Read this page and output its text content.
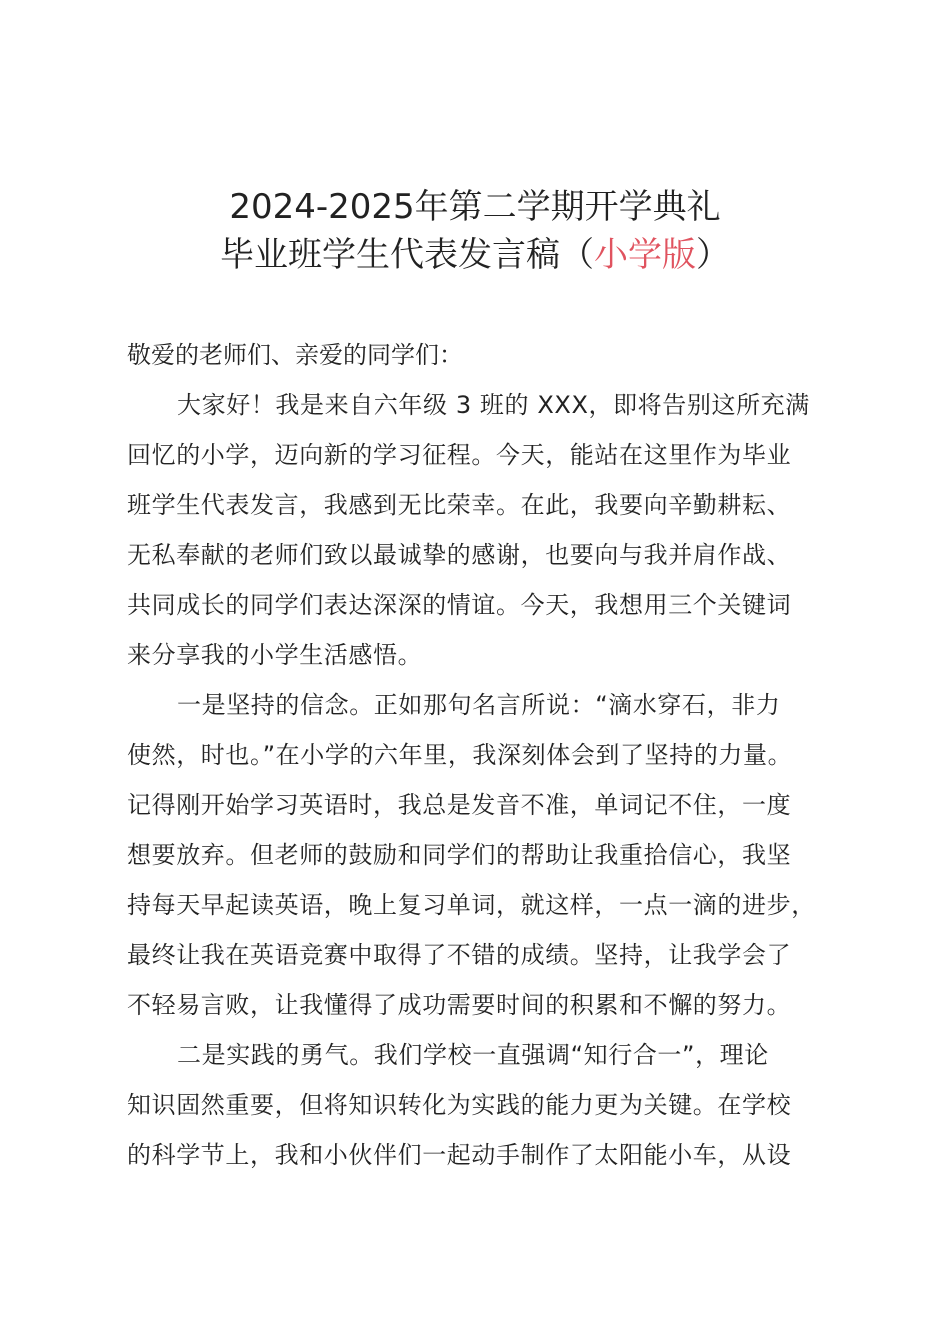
2024-2025年第二学期开学典礼
毕业班学生代表发言稿（小学版）
敬爱的老师们、亲爱的同学们：
大家好！我是来自六年级 3 班的 XXX，即将告别这所充满
回忆的小学，迈向新的学习征程。今天，能站在这里作为毕业
班学生代表发言，我感到无比荣幸。在此，我要向辛勤耕耘、
无私奉献的老师们致以最诚挚的感谢，也要向与我并肩作战、
共同成长的同学们表达深深的情谊。今天，我想用三个关键词
来分享我的小学生活感悟。
一是坚持的信念。正如那句名言所说：“滴水穿石，非力
使然，时也。”在小学的六年里，我深刻体会到了坚持的力量。
记得刚开始学习英语时，我总是发音不准，单词记不住，一度
想要放弃。但老师的鼓励和同学们的帮助让我重拾信心，我坚
持每天早起读英语，晚上复习单词，就这样，一点一滴的进步，
最终让我在英语竞赛中取得了不错的成绩。坚持，让我学会了
不轻易言败，让我懂得了成功需要时间的积累和不懈的努力。
二是实践的勇气。我们学校一直强调“知行合一”，理论
知识固然重要，但将知识转化为实践的能力更为关键。在学校
的科学节上，我和小伙伴们一起动手制作了太阳能小车，从设
